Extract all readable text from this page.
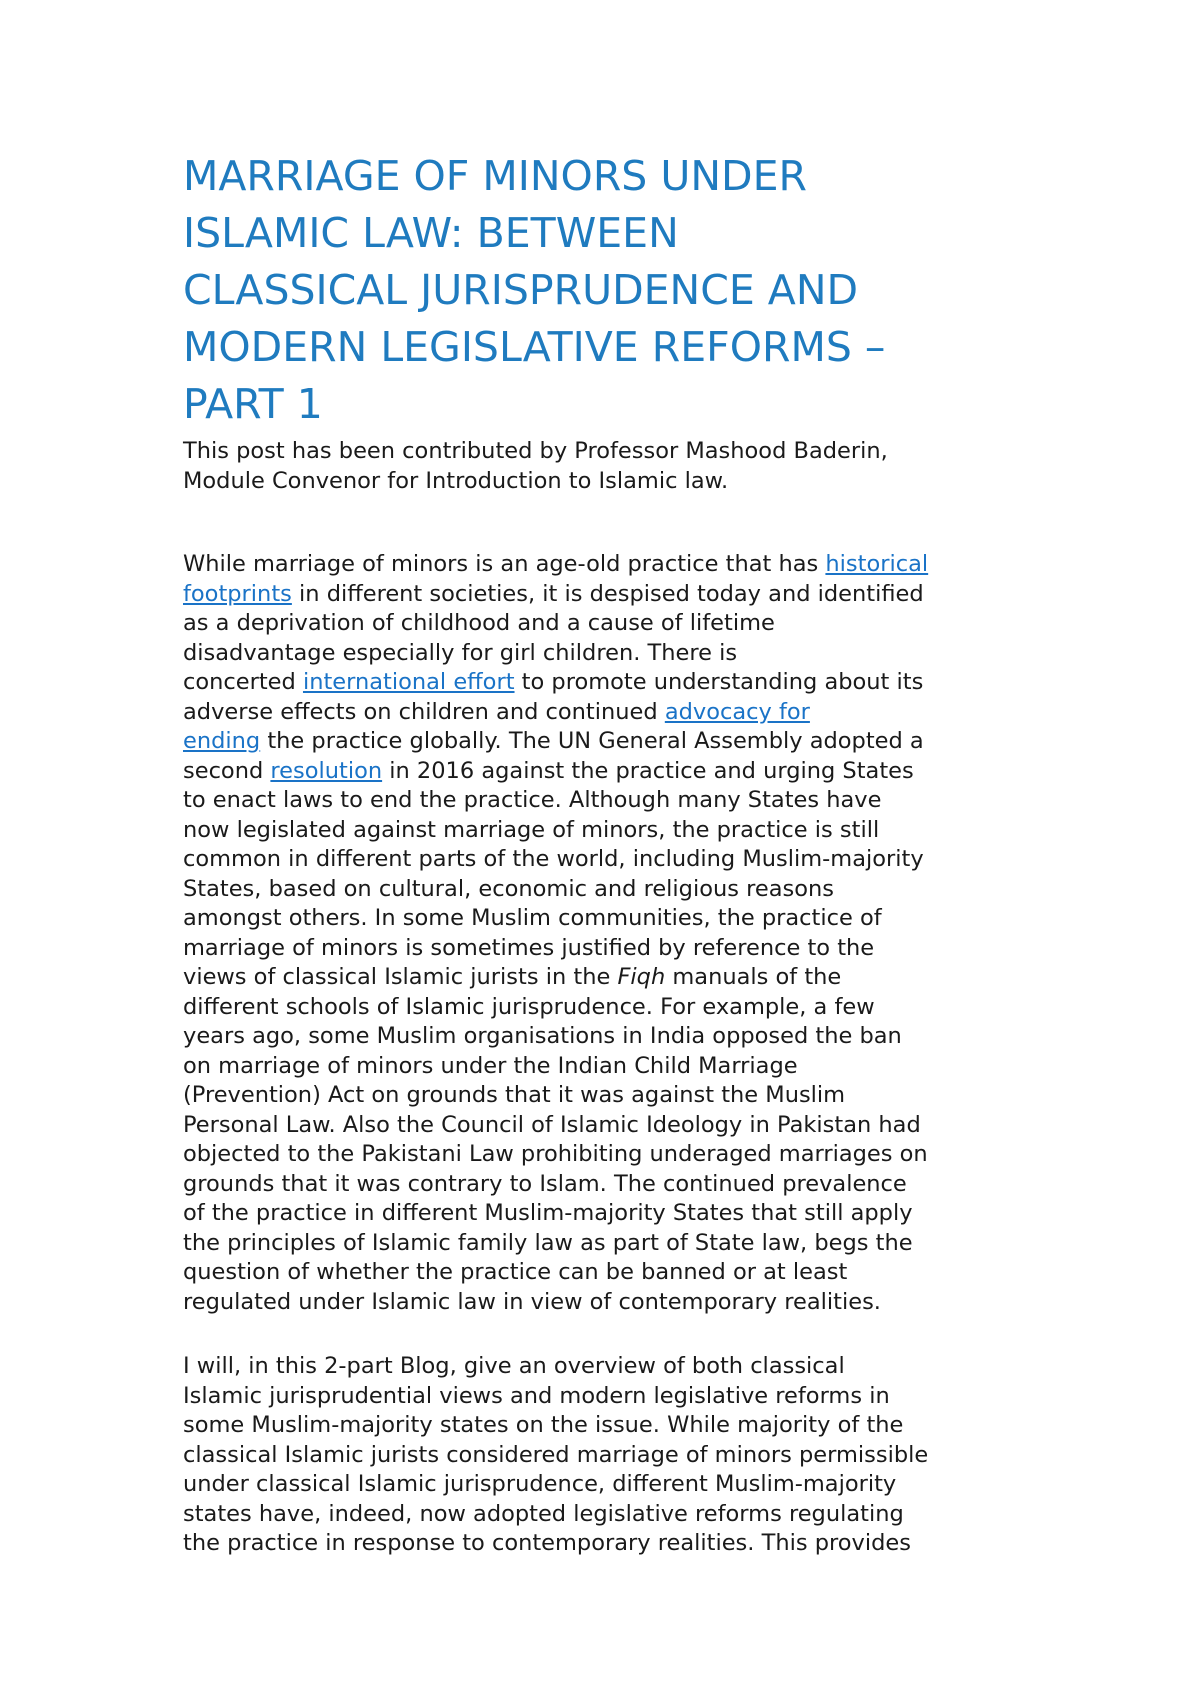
MARRIAGE OF MINORS UNDER
ISLAMIC LAW: BETWEEN
CLASSICAL JURISPRUDENCE AND
MODERN LEGISLATIVE REFORMS –
PART 1
This post has been contributed by Professor Mashood Baderin,
Module Convenor for Introduction to Islamic law.
While marriage of minors is an age-old practice that has historical
footprints in different societies, it is despised today and identified
as a deprivation of childhood and a cause of lifetime
disadvantage especially for girl children. There is
concerted international effort to promote understanding about its
adverse effects on children and continued advocacy for
ending the practice globally. The UN General Assembly adopted a
second resolution in 2016 against the practice and urging States
to enact laws to end the practice. Although many States have
now legislated against marriage of minors, the practice is still
common in different parts of the world, including Muslim-majority
States, based on cultural, economic and religious reasons
amongst others. In some Muslim communities, the practice of
marriage of minors is sometimes justified by reference to the
views of classical Islamic jurists in the Fiqh manuals of the
different schools of Islamic jurisprudence. For example, a few
years ago, some Muslim organisations in India opposed the ban
on marriage of minors under the Indian Child Marriage
(Prevention) Act on grounds that it was against the Muslim
Personal Law. Also the Council of Islamic Ideology in Pakistan had
objected to the Pakistani Law prohibiting underaged marriages on
grounds that it was contrary to Islam. The continued prevalence
of the practice in different Muslim-majority States that still apply
the principles of Islamic family law as part of State law, begs the
question of whether the practice can be banned or at least
regulated under Islamic law in view of contemporary realities.
I will, in this 2-part Blog, give an overview of both classical
Islamic jurisprudential views and modern legislative reforms in
some Muslim-majority states on the issue. While majority of the
classical Islamic jurists considered marriage of minors permissible
under classical Islamic jurisprudence, different Muslim-majority
states have, indeed, now adopted legislative reforms regulating
the practice in response to contemporary realities. This provides
